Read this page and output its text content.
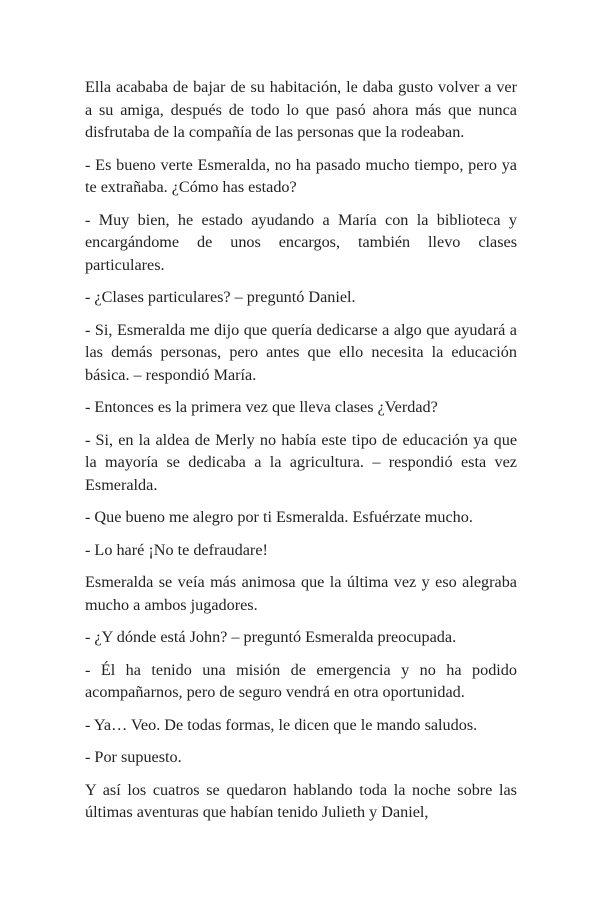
Ella acababa de bajar de su habitación, le daba gusto volver a ver a su amiga, después de todo lo que pasó ahora más que nunca disfrutaba de la compañía de las personas que la rodeaban.

- Es bueno verte Esmeralda, no ha pasado mucho tiempo, pero ya te extrañaba. ¿Cómo has estado?

- Muy bien, he estado ayudando a María con la biblioteca y encargándome de unos encargos, también llevo clases particulares.

- ¿Clases particulares? – preguntó Daniel.

- Si, Esmeralda me dijo que quería dedicarse a algo que ayudará a las demás personas, pero antes que ello necesita la educación básica. – respondió María.

- Entonces es la primera vez que lleva clases ¿Verdad?

- Si, en la aldea de Merly no había este tipo de educación ya que la mayoría se dedicaba a la agricultura. – respondió esta vez Esmeralda.

- Que bueno me alegro por ti Esmeralda. Esfuérzate mucho.

- Lo haré ¡No te defraudare!

Esmeralda se veía más animosa que la última vez y eso alegraba mucho a ambos jugadores.

- ¿Y dónde está John? – preguntó Esmeralda preocupada.

- Él ha tenido una misión de emergencia y no ha podido acompañarnos, pero de seguro vendrá en otra oportunidad.

- Ya… Veo. De todas formas, le dicen que le mando saludos.

- Por supuesto.

Y así los cuatros se quedaron hablando toda la noche sobre las últimas aventuras que habían tenido Julieth y Daniel,
